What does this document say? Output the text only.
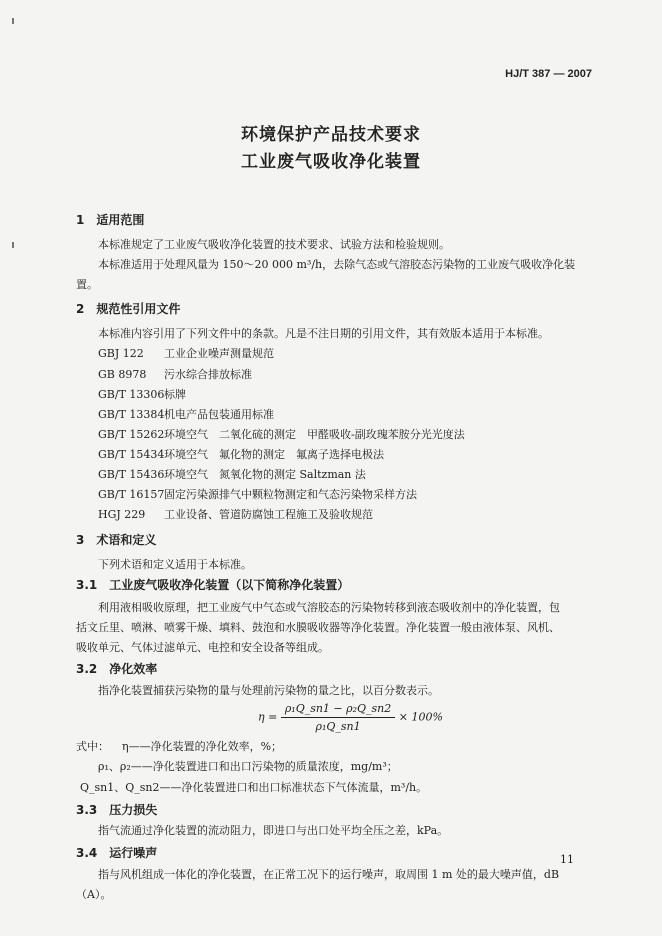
HJ/T 387 — 2007
环境保护产品技术要求
工业废气吸收净化装置
1　适用范围
本标准规定了工业废气吸收净化装置的技术要求、试验方法和检验规则。
本标准适用于处理风量为 150～20 000 m³/h，去除气态或气溶胶态污染物的工业废气吸收净化装
置。
2　规范性引用文件
本标准内容引用了下列文件中的条款。凡是不注日期的引用文件，其有效版本适用于本标准。
GBJ 122 工业企业噪声测量规范
GB 8978 污水综合排放标准
GB/T 13306标牌
GB/T 13384机电产品包装通用标准
GB/T 15262环境空气　二氧化硫的测定　甲醛吸收-副玫瑰苯胺分光光度法
GB/T 15434环境空气　氟化物的测定　氟离子选择电极法
GB/T 15436环境空气　氮氧化物的测定 Saltzman 法
GB/T 16157固定污染源排气中颗粒物测定和气态污染物采样方法
HGJ 229 工业设备、管道防腐蚀工程施工及验收规范
3　术语和定义
下列术语和定义适用于本标准。
3.1　工业废气吸收净化装置（以下简称净化装置）
利用液相吸收原理，把工业废气中气态或气溶胶态的污染物转移到液态吸收剂中的净化装置，包
括文丘里、喷淋、喷雾干燥、填料、鼓泡和水膜吸收器等净化装置。净化装置一般由液体泵、风机、
吸收单元、气体过滤单元、电控和安全设备等组成。
3.2　净化效率
指净化装置捕获污染物的量与处理前污染物的量之比，以百分数表示。
$\eta = \frac{\text{ρ₁Q\_sn1 − ρ₂Q\_sn2}}{\text{ρ₁Q\_sn1}} \times 100\%$
式中： η——净化装置的净化效率，%；
ρ₁、ρ₂——净化装置进口和出口污染物的质量浓度，mg/m³；
Q_sn1、Q_sn2——净化装置进口和出口标准状态下气体流量，m³/h。
3.3　压力损失
指气流通过净化装置的流动阻力，即进口与出口处平均全压之差，kPa。
3.4　运行噪声
指与风机组成一体化的净化装置，在正常工况下的运行噪声，取周围 1 m 处的最大噪声值，dB
（A）。
11
